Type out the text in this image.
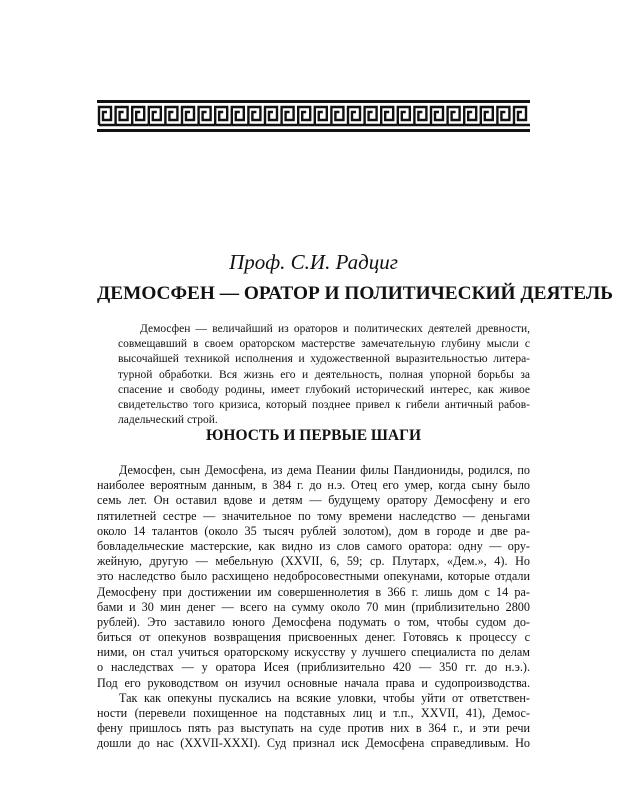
Проф. С.И. Радциг
ДЕМОСФЕН — ОРАТОР И ПОЛИТИЧЕСКИЙ ДЕЯТЕЛЬ
Демосфен — величайший из ораторов и политических деятелей древности,
совмещавший в своем ораторском мастерстве замечательную глубину мысли с
высочайшей техникой исполнения и художественной выразительностью литера-
турной обработки. Вся жизнь его и деятельность, полная упорной борьбы за
спасение и свободу родины, имеет глубокий исторический интерес, как живое
свидетельство того кризиса, который позднее привел к гибели античный рабов-
ладельческий строй.
ЮНОСТЬ И ПЕРВЫЕ ШАГИ
Демосфен, сын Демосфена, из дема Пеании филы Пандиониды, родился, по
наиболее вероятным данным, в 384 г. до н.э. Отец его умер, когда сыну было
семь лет. Он оставил вдове и детям — будущему оратору Демосфену и его
пятилетней сестре — значительное по тому времени наследство — деньгами
около 14 талантов (около 35 тысяч рублей золотом), дом в городе и две ра-
бовладельческие мастерские, как видно из слов самого оратора: одну — ору-
жейную, другую — мебельную (XXVII, 6, 59; ср. Плутарх, «Дем.», 4). Но
это наследство было расхищено недобросовестными опекунами, которые отдали
Демосфену при достижении им совершеннолетия в 366 г. лишь дом с 14 ра-
бами и 30 мин денег — всего на сумму около 70 мин (приблизительно 2800
рублей). Это заставило юного Демосфена подумать о том, чтобы судом до-
биться от опекунов возвращения присвоенных денег. Готовясь к процессу с
ними, он стал учиться ораторскому искусству у лучшего специалиста по делам
о наследствах — у оратора Исея (приблизительно 420 — 350 гг. до н.э.).
Под его руководством он изучил основные начала права и судопроизводства.
Так как опекуны пускались на всякие уловки, чтобы уйти от ответствен-
ности (перевели похищенное на подставных лиц и т.п., XXVII, 41), Демос-
фену пришлось пять раз выступать на суде против них в 364 г., и эти речи
дошли до нас (XXVII-XXXI). Суд признал иск Демосфена справедливым. Но
